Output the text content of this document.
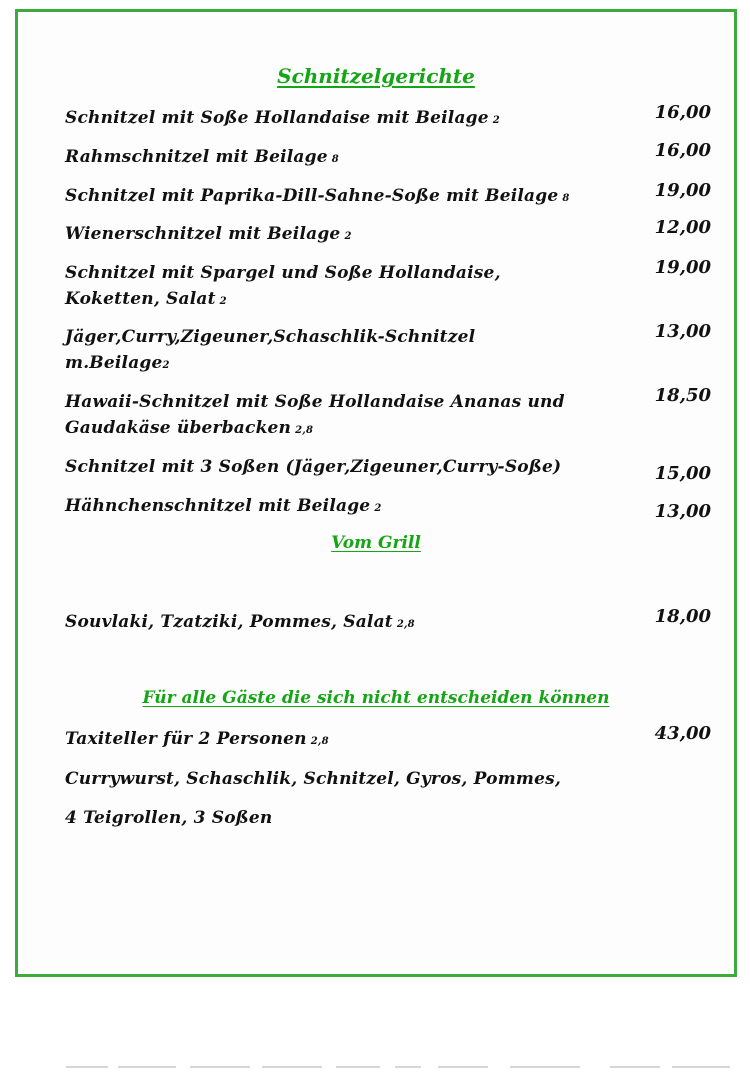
Schnitzelgerichte
Schnitzel mit Soße Hollandaise mit Beilage 2	16,00
Rahmschnitzel mit Beilage 8	16,00
Schnitzel mit Paprika-Dill-Sahne-Soße mit Beilage 8	19,00
Wienerschnitzel mit Beilage 2	12,00
Schnitzel mit Spargel und Soße Hollandaise,
Koketten, Salat 2
19,00
Jäger,Curry,Zigeuner,Schaschlik-Schnitzel
m.Beilage2
13,00
Hawaii-Schnitzel mit Soße Hollandaise Ananas und
Gaudakäse überbacken 2,8
18,50
Schnitzel mit 3 Soßen (Jäger,Zigeuner,Curry-Soße)	15,00
Hähnchenschnitzel mit Beilage 2	13,00
Vom Grill
Souvlaki, Tzatziki, Pommes, Salat 2,8	18,00
Für alle Gäste die sich nicht entscheiden können
Taxiteller für 2 Personen 2,8	43,00
Currywurst, Schaschlik, Schnitzel, Gyros, Pommes,
4 Teigrollen, 3 Soßen
